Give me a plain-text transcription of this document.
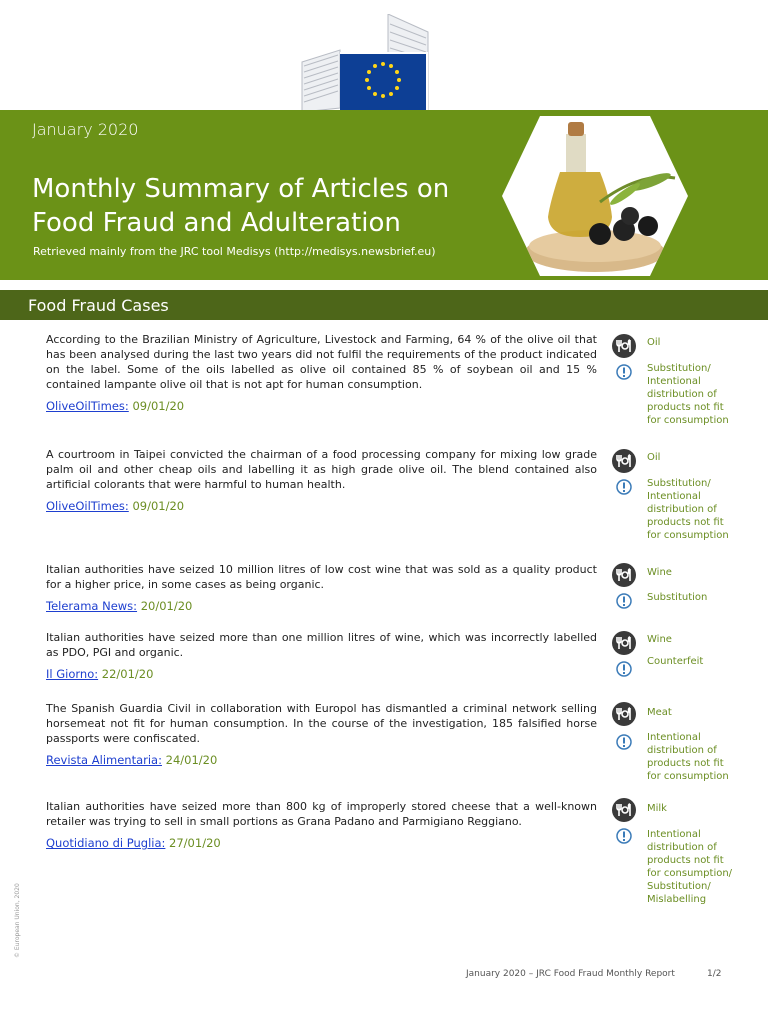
January 2020
Monthly Summary of Articles on Food Fraud and Adulteration
Retrieved mainly from the JRC tool Medisys (http://medisys.newsbrief.eu)
Food Fraud Cases

According to the Brazilian Ministry of Agriculture, Livestock and Farming, 64 % of the olive oil that has been analysed during the last two years did not fulfil the requirements of the product indicated on the label. Some of the oils labelled as olive oil contained 85 % of soybean oil and 15 % contained lampante olive oil that is not apt for human consumption.

OliveOilTimes: 09/01/20
Oil
Substitution/
Intentional distribution of products not fit for consumption

A courtroom in Taipei convicted the chairman of a food processing company for mixing low grade palm oil and other cheap oils and labelling it as high grade olive oil. The blend contained also artificial colorants that were harmful to human health.

OliveOilTimes: 09/01/20
Oil
Substitution/
Intentional distribution of products not fit for consumption

Italian authorities have seized 10 million litres of low cost wine that was sold as a quality product for a higher price, in some cases as being organic.

Telerama News: 20/01/20
Wine
Substitution

Italian authorities have seized more than one million litres of wine, which was incorrectly labelled as PDO, PGI and organic.

Il Giorno: 22/01/20
Wine
Counterfeit

The Spanish Guardia Civil in collaboration with Europol has dismantled a criminal network selling horsemeat not fit for human consumption. In the course of the investigation, 185 falsified horse passports were confiscated.

Revista Alimentaria: 24/01/20
Meat
Intentional distribution of products not fit for consumption

Italian authorities have seized more than 800 kg of improperly stored cheese that a well-known retailer was trying to sell in small portions as Grana Padano and Parmigiano Reggiano.

Quotidiano di Puglia: 27/01/20
Milk
Intentional distribution of products not fit for consumption/
Substitution/
Mislabelling
© European Union, 2020
January 2020 – JRC Food Fraud Monthly Report	1/2
